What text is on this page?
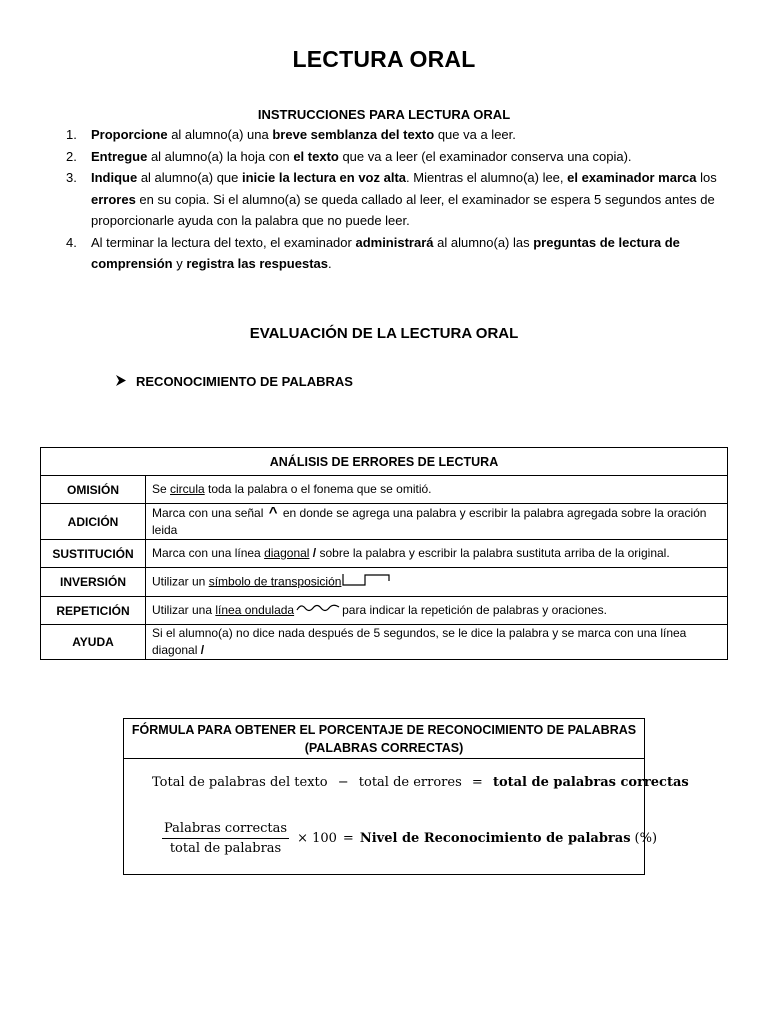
LECTURA ORAL
INSTRUCCIONES PARA LECTURA ORAL
1. Proporcione al alumno(a) una breve semblanza del texto que va a leer.
2. Entregue al alumno(a) la hoja con el texto que va a leer (el examinador conserva una copia).
3. Indique al alumno(a) que inicie la lectura en voz alta. Mientras el alumno(a) lee, el examinador marca los errores en su copia. Si el alumno(a) se queda callado al leer, el examinador se espera 5 segundos antes de proporcionarle ayuda con la palabra que no puede leer.
4. Al terminar la lectura del texto, el examinador administrará al alumno(a) las preguntas de lectura de comprensión y registra las respuestas.
EVALUACIÓN DE LA LECTURA ORAL
RECONOCIMIENTO DE PALABRAS
ANÁLISIS DE ERRORES DE LECTURA	
OMISIÓN	Se circula toda la palabra o el fonema que se omitió.
ADICIÓN	Marca con una señal ^ en donde se agrega una palabra y escribir la palabra agregada sobre la oración leida
SUSTITUCIÓN	Marca con una línea diagonal / sobre la palabra y escribir la palabra sustituta arriba de la original.
INVERSIÓN	Utilizar un símbolo de transposición
REPETICIÓN	Utilizar una línea ondulada para indicar la repetición de palabras y oraciones.
AYUDA	Si el alumno(a) no dice nada después de 5 segundos, se le dice la palabra y se marca con una línea diagonal /
FÓRMULA PARA OBTENER EL PORCENTAJE DE RECONOCIMIENTO DE PALABRAS
(PALABRAS CORRECTAS)
Total de palabras del texto − total de errores = total de palabras correctas
$\frac{\text{Palabras correctas}}{\text{total de palabras}} \times 100$ = Nivel de Reconocimiento de palabras (%)
